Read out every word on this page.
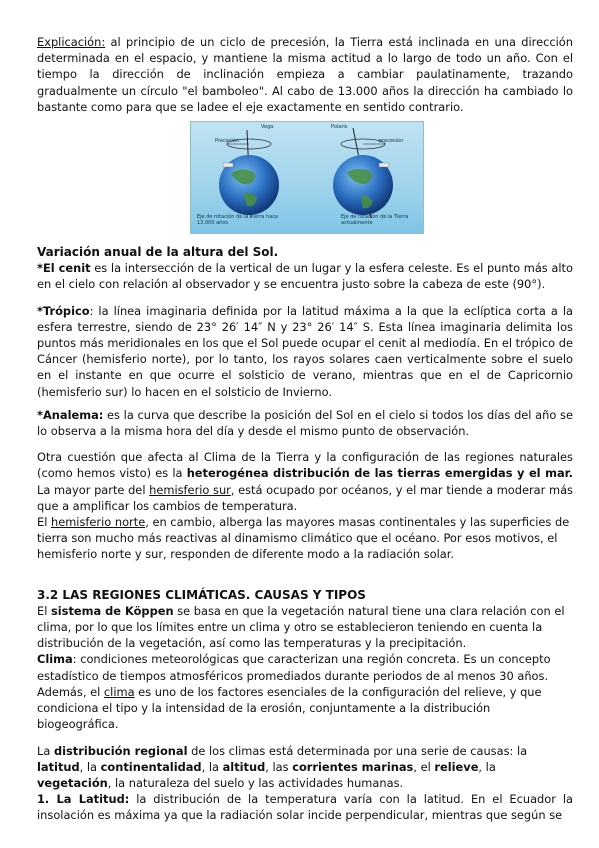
Explicación: al principio de un ciclo de precesión, la Tierra está inclinada en una dirección determinada en el espacio, y mantiene la misma actitud a lo largo de todo un año. Con el tiempo la dirección de inclinación empieza a cambiar paulatinamente, trazando gradualmente un círculo "el bamboleo". Al cabo de 13.000 años la dirección ha cambiado lo bastante como para que se ladee el eje exactamente en sentido contrario.

Vega
Precesión
Eje de rotación de la Tierra hace 13.000 años
Polaris
precesión
Eje de rotación de la Tierra actualmente

Variación anual de la altura del Sol.

*El cenit es la intersección de la vertical de un lugar y la esfera celeste. Es el punto más alto en el cielo con relación al observador y se encuentra justo sobre la cabeza de este (90°).

*Trópico: la línea imaginaria definida por la latitud máxima a la que la eclíptica corta a la esfera terrestre, siendo de 23° 26′ 14″ N y 23° 26′ 14″ S. Esta línea imaginaria delimita los puntos más meridionales en los que el Sol puede ocupar el cenit al mediodía. En el trópico de Cáncer (hemisferio norte), por lo tanto, los rayos solares caen verticalmente sobre el suelo en el instante en que ocurre el solsticio de verano, mientras que en el de Capricornio (hemisferio sur) lo hacen en el solsticio de Invierno.

*Analema: es la curva que describe la posición del Sol en el cielo si todos los días del año se lo observa a la misma hora del día y desde el mismo punto de observación.

Otra cuestión que afecta al Clima de la Tierra y la configuración de las regiones naturales (como hemos visto) es la heterogénea distribución de las tierras emergidas y el mar. La mayor parte del hemisferio sur, está ocupado por océanos, y el mar tiende a moderar más que a amplificar los cambios de temperatura.

El hemisferio norte, en cambio, alberga las mayores masas continentales y las superficies de tierra son mucho más reactivas al dinamismo climático que el océano. Por esos motivos, el hemisferio norte y sur, responden de diferente modo a la radiación solar.

3.2 LAS REGIONES CLIMÁTICAS. CAUSAS Y TIPOS

El sistema de Köppen se basa en que la vegetación natural tiene una clara relación con el clima, por lo que los límites entre un clima y otro se establecieron teniendo en cuenta la distribución de la vegetación, así como las temperaturas y la precipitación.

Clima: condiciones meteorológicas que caracterizan una región concreta. Es un concepto estadístico de tiempos atmosféricos promediados durante periodos de al menos 30 años.

Además, el clima es uno de los factores esenciales de la configuración del relieve, y que condiciona el tipo y la intensidad de la erosión, conjuntamente a la distribución biogeográfica.

La distribución regional de los climas está determinada por una serie de causas: la latitud, la continentalidad, la altitud, las corrientes marinas, el relieve, la vegetación, la naturaleza del suelo y las actividades humanas.

1. La Latitud: la distribución de la temperatura varía con la latitud. En el Ecuador la insolación es máxima ya que la radiación solar incide perpendicular, mientras que según se
